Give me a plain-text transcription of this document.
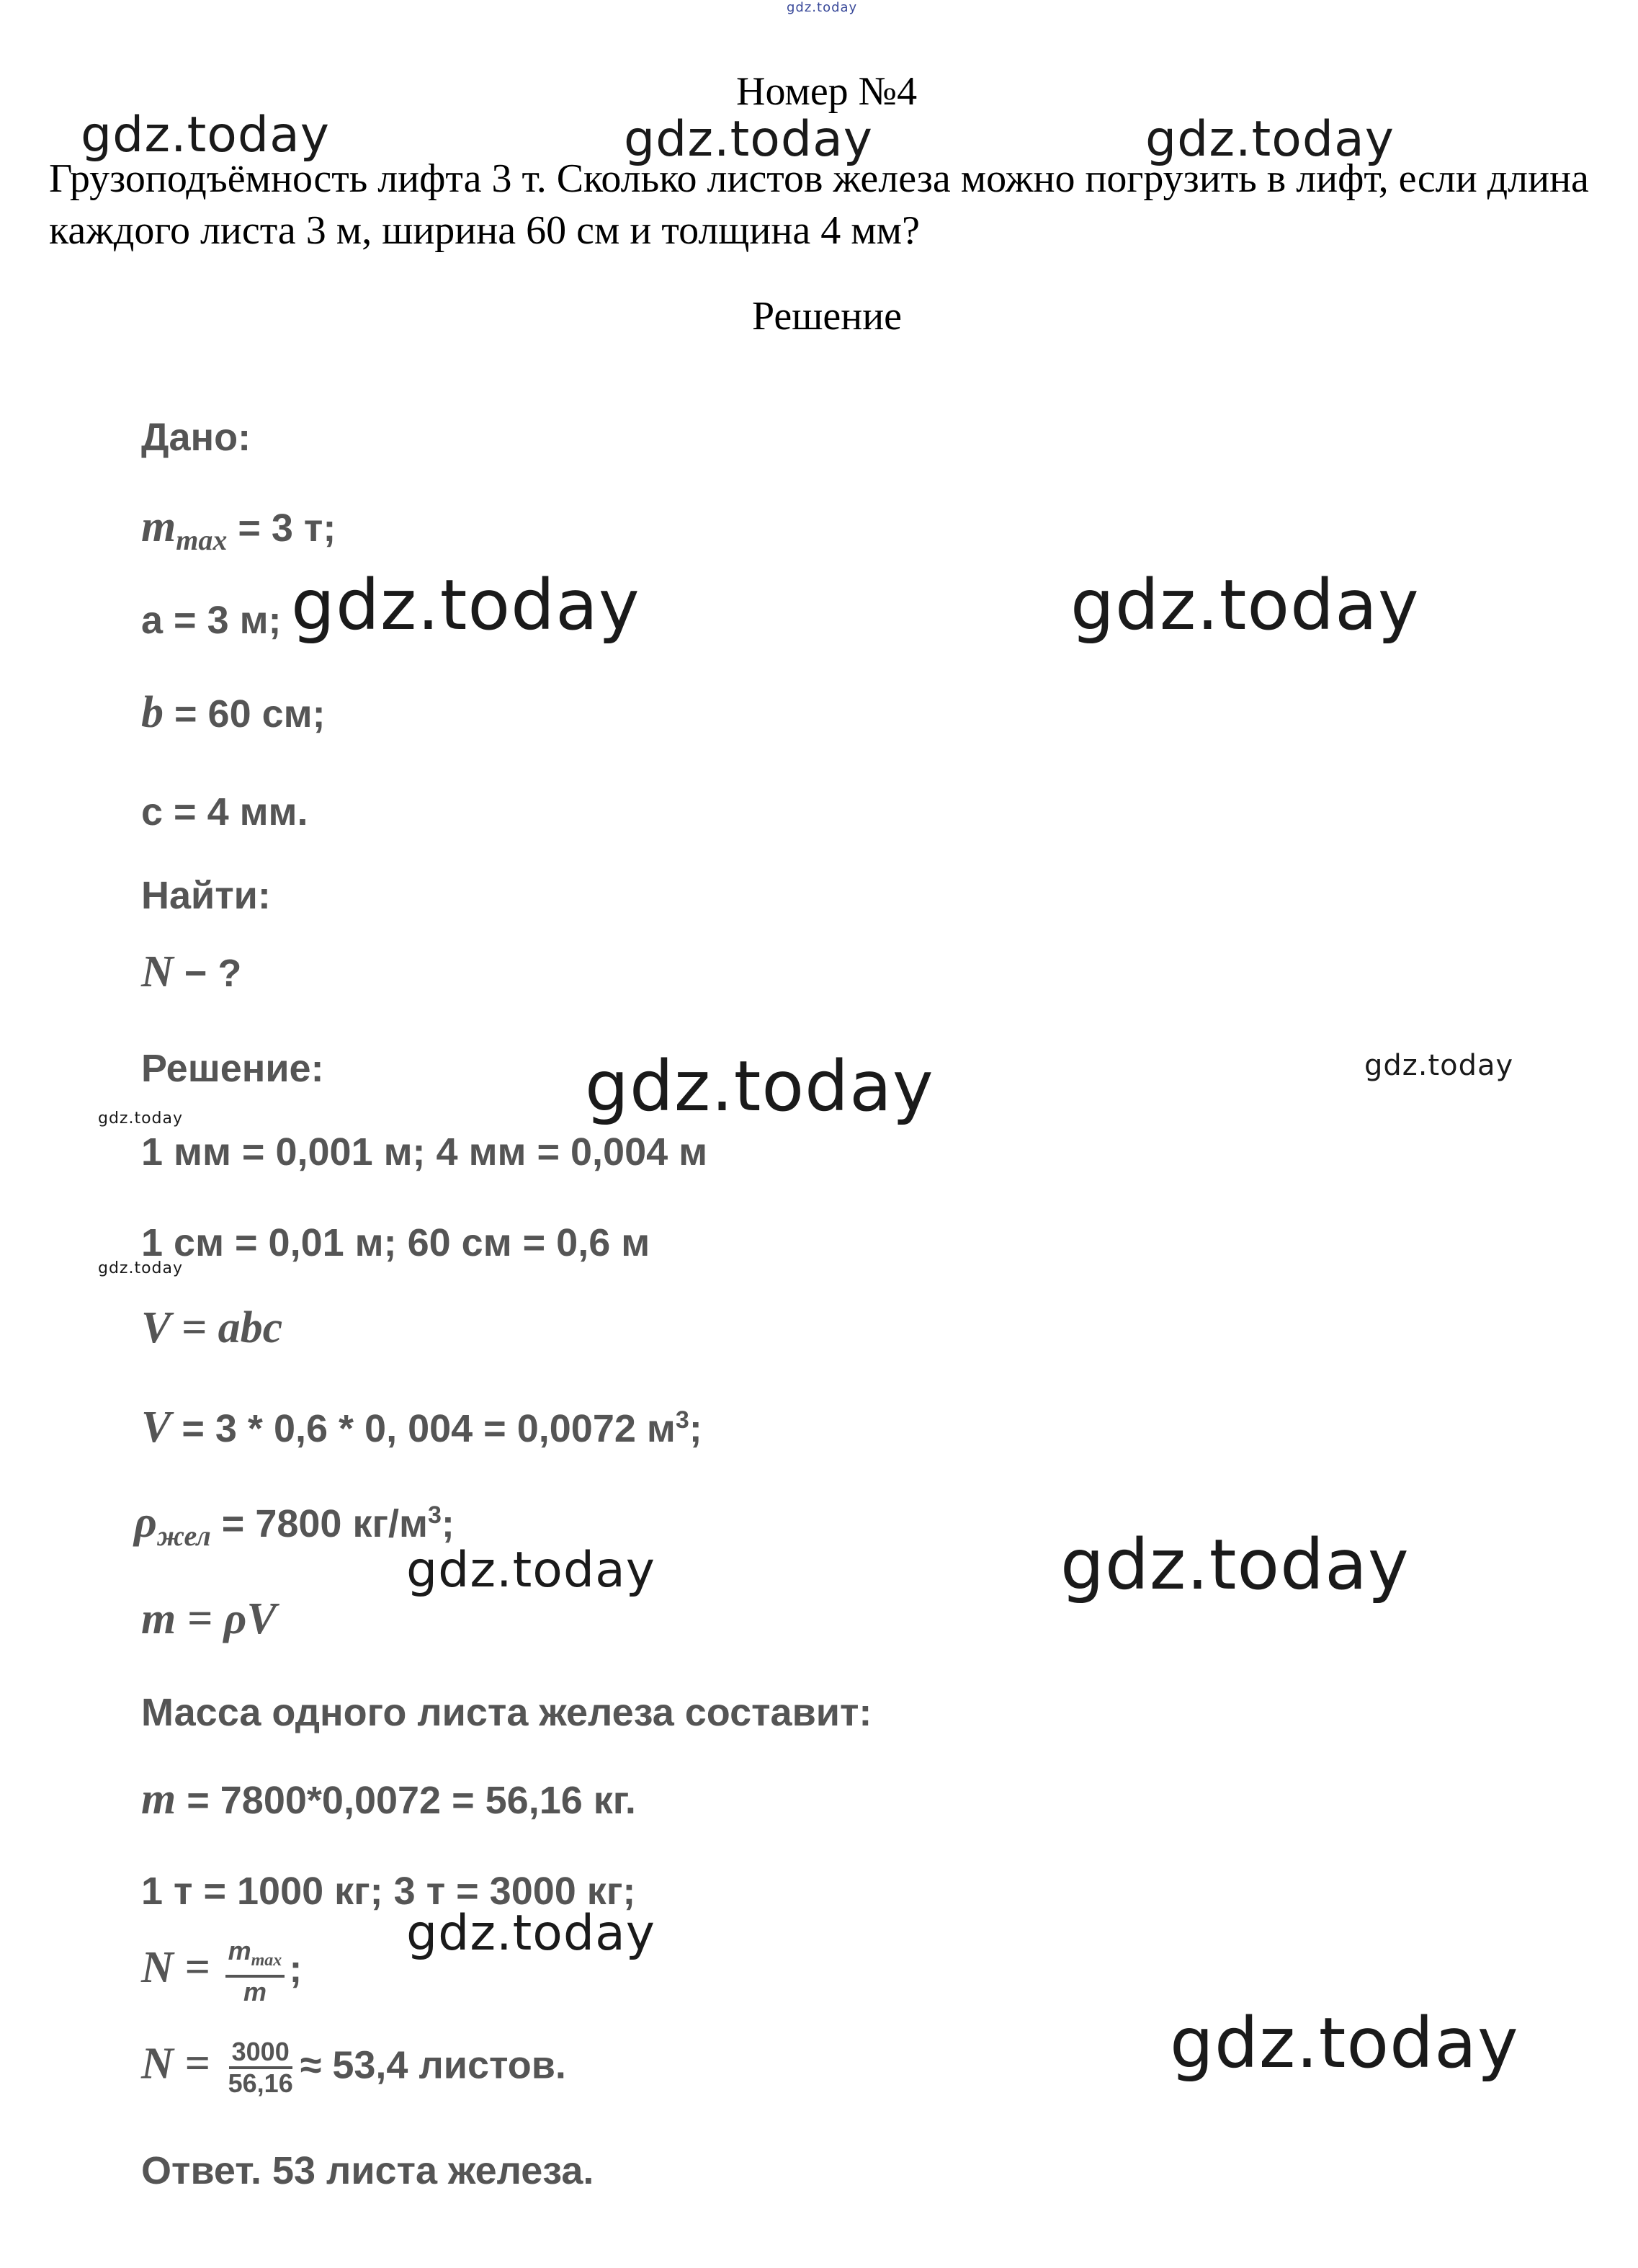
gdz.today
Номер №4
Грузоподъёмность лифта 3 т. Сколько листов железа можно погрузить в лифт, если длина каждого листа 3 м, ширина 60 см и толщина 4 мм?
Решение
Дано:
$m_{max} = 3$ т;
a = 3 м;
b = 60 см;
c = 4 мм.
Найти:
N − ?
Решение:
1 мм = 0,001 м; 4 мм = 0,004 м
1 см = 0,01 м; 60 см = 0,6 м
V = abc
V = 3 * 0,6 * 0, 004 = 0,0072 $м^3$;
$\rho_{жел} = 7800$ $кг/м^3$;
m = ρV
Масса одного листа железа составит:
m = 7800*0,0072 = 56,16 кг.
1 т = 1000 кг; 3 т = 3000 кг;
$N = \frac{m_{max}}{m}$ ;
$N = \frac{3000}{56,16} \approx 53,4$ листов.
Ответ. 53 листа железа.
gdz.today	gdz.today	gdz.today
gdz.today	gdz.today
gdz.today	gdz.today
gdz.today
gdz.today
gdz.today	gdz.today
gdz.today
gdz.today
